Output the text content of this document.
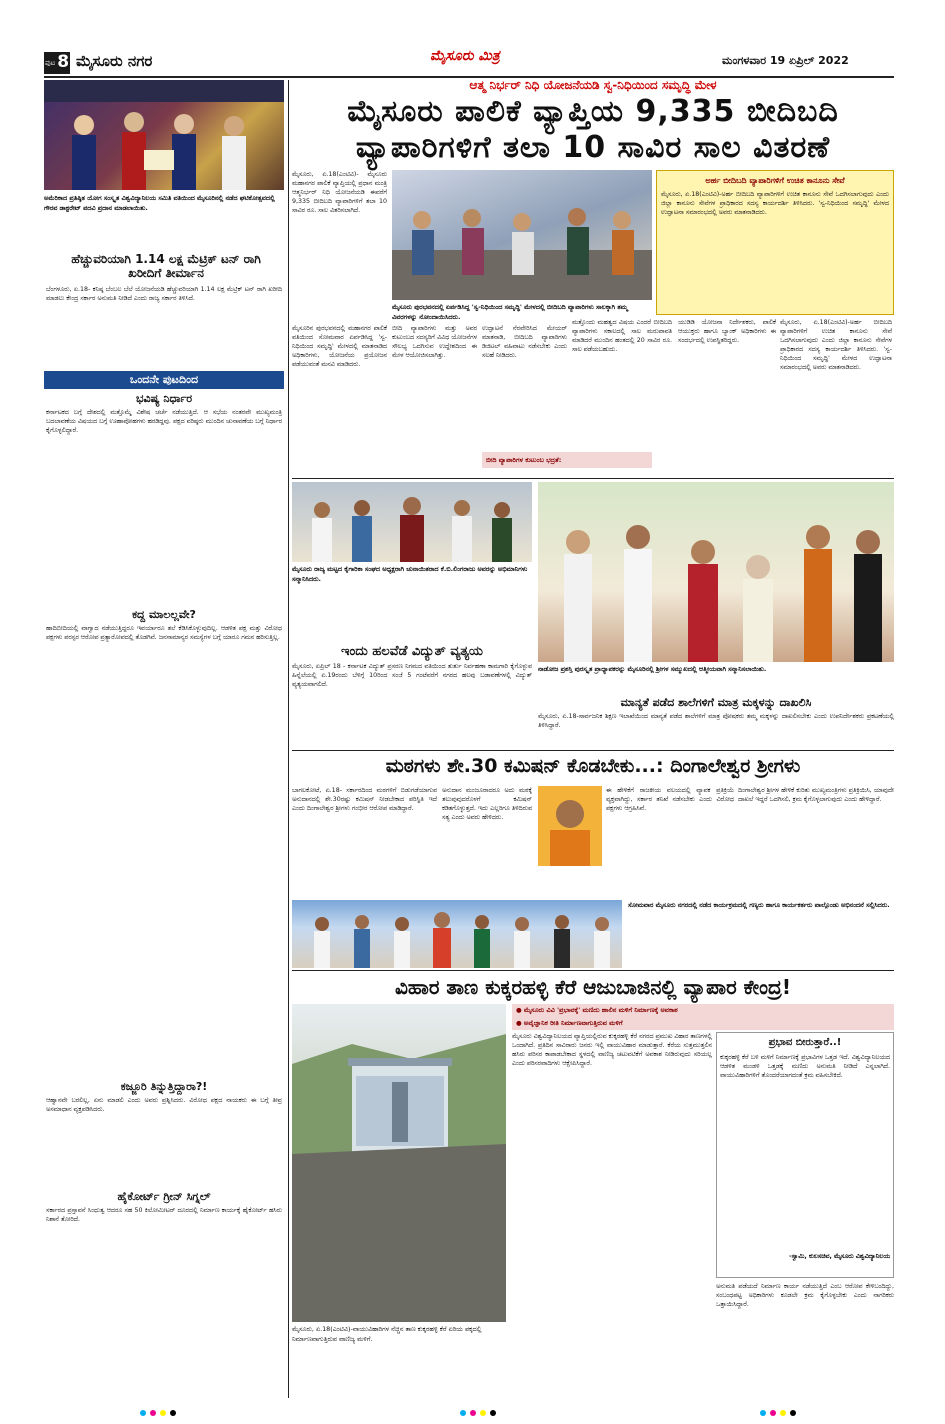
ಪುಟ 8 ಮೈಸೂರು ನಗರ	ಮೈಸೂರು ಮಿತ್ರ	ಮಂಗಳವಾರ 19 ಏಪ್ರಿಲ್ 2022
ಅಮೆರಿಕಾದ ಪ್ರತಿಷ್ಠಿತ ಯೋಗ ಸಂಸ್ಕೃತ ವಿಶ್ವವಿದ್ಯಾನಿಲಯ ಸಮಿತಿ ವತಿಯಿಂದ ಮೈಸೂರಿನಲ್ಲಿ ನಡೆದ ಘಟಿಕೋತ್ಸವದಲ್ಲಿ ಗೌರವ ಡಾಕ್ಟರೇಟ್ ಪದವಿ ಪ್ರದಾನ ಮಾಡಲಾಯಿತು.
ಹೆಚ್ಚುವರಿಯಾಗಿ 1.14 ಲಕ್ಷ ಮೆಟ್ರಿಕ್ ಟನ್ ರಾಗಿ ಖರೀದಿಗೆ ತೀರ್ಮಾನ
ಬೆಂಗಳೂರು, ಏ.18- ಕನಿಷ್ಠ ಬೆಂಬಲ ಬೆಲೆ ಯೋಜನೆಯಡಿ ಹೆಚ್ಚುವರಿಯಾಗಿ 1.14 ಲಕ್ಷ ಮೆಟ್ರಿಕ್ ಟನ್ ರಾಗಿ ಖರೀದಿ ಮಾಡಲು ಕೇಂದ್ರ ಸರ್ಕಾರ ಅನುಮತಿ ನೀಡಿದೆ ಎಂದು ರಾಜ್ಯ ಸರ್ಕಾರ ತಿಳಿಸಿದೆ.
ಒಂದನೇ ಪುಟದಿಂದ
ಭವಿಷ್ಯ ನಿರ್ಧಾರ
ಕರ್ನಾಟಕದ ಬಗ್ಗೆ ದೇಶದಲ್ಲಿ ಮತ್ತೊಮ್ಮೆ ವಿಶೇಷ ಚರ್ಚೆ ನಡೆಯುತ್ತಿದೆ. ಆ ಸಭೆಯ ನಂತರವೇ ಮುಖ್ಯಮಂತ್ರಿ ಬದಲಾವಣೆಯ ವಿಷಯದ ಬಗ್ಗೆ ಊಹಾಪೋಹಗಳು ಹರಡಿದ್ದವು. ಪಕ್ಷದ ವರಿಷ್ಠರು ಮುಂದಿನ ಚುನಾವಣೆಯ ಬಗ್ಗೆ ನಿರ್ಧಾರ ಕೈಗೊಳ್ಳಲಿದ್ದಾರೆ.
ಕದ್ದ ಮಾಲಲ್ಲವೇ?
ಹಾದಿಬೀದಿಯಲ್ಲಿ ವಾಗ್ವಾದ ನಡೆಯುತ್ತಿದ್ದರೂ ಇವರ್ಯಾರೂ ತಲೆ ಕೆಡಿಸಿಕೊಳ್ಳುವುದಿಲ್ಲ. ಆಡಳಿತ ಪಕ್ಷ ಮತ್ತು ವಿರೋಧ ಪಕ್ಷಗಳು ಪರಸ್ಪರ ಆರೋಪ ಪ್ರತ್ಯಾರೋಪದಲ್ಲಿ ತೊಡಗಿವೆ. ಜನಸಾಮಾನ್ಯರ ಸಮಸ್ಯೆಗಳ ಬಗ್ಗೆ ಯಾರೂ ಗಮನ ಹರಿಸುತ್ತಿಲ್ಲ.
ಕಜ್ಜೂರಿ ತಿನ್ನುತ್ತಿದ್ದಾರಾ?!
ಆಹ್ವಾನವೇ ಬರಲಿಲ್ಲ, ಏನು ಮಾಡಲಿ ಎಂದು ಅವರು ಪ್ರಶ್ನಿಸಿದರು. ವಿರೋಧ ಪಕ್ಷದ ನಾಯಕರು ಈ ಬಗ್ಗೆ ತೀವ್ರ ಅಸಮಾಧಾನ ವ್ಯಕ್ತಪಡಿಸಿದರು.
ಹೈಕೋರ್ಟ್ ಗ್ರೀನ್ ಸಿಗ್ನಲ್
ಸರ್ಕಾರದ ಪ್ರಸ್ತಾವನೆ ಸಿಂಧುತ್ವ ಆದರೂ ಸಹ 50 ಕಿಲೋಮೀಟರ್ ದೂರದಲ್ಲಿ ನಿರ್ಮಾಣ ಕಾರ್ಯಕ್ಕೆ ಹೈಕೋರ್ಟ್ ಹಸಿರು ನಿಶಾನೆ ತೋರಿದೆ.
ಆತ್ಮ ನಿರ್ಭರ್ ನಿಧಿ ಯೋಜನೆಯಡಿ ಸ್ವ-ನಿಧಿಯಿಂದ ಸಮೃದ್ಧಿ ಮೇಳ
ಮೈಸೂರು ಪಾಲಿಕೆ ವ್ಯಾಪ್ತಿಯ 9,335 ಬೀದಿಬದಿ
ವ್ಯಾಪಾರಿಗಳಿಗೆ ತಲಾ 10 ಸಾವಿರ ಸಾಲ ವಿತರಣೆ
ಮೈಸೂರು, ಏ.18(ಎಂಟಿವಿ)- ಮೈಸೂರು ಮಹಾನಗರ ಪಾಲಿಕೆ ವ್ಯಾಪ್ತಿಯಲ್ಲಿ ಪ್ರಧಾನ ಮಂತ್ರಿ ಆತ್ಮನಿರ್ಭರ್ ನಿಧಿ ಯೋಜನೆಯಡಿ ಈವರೆಗೆ 9,335 ಬೀದಿಬದಿ ವ್ಯಾಪಾರಿಗಳಿಗೆ ತಲಾ 10 ಸಾವಿರ ರೂ. ಸಾಲ ವಿತರಿಸಲಾಗಿದೆ.
ಮೈಸೂರು ಪುರಭವನದಲ್ಲಿ ಏರ್ಪಡಿಸಿದ್ದ 'ಸ್ವ-ನಿಧಿಯಿಂದ ಸಮೃದ್ಧಿ' ಮೇಳದಲ್ಲಿ ಬೀದಿಬದಿ ವ್ಯಾಪಾರಿಗಳು ಸಾಲಕ್ಕಾಗಿ ತಮ್ಮ ವಿವರಗಳನ್ನು ನೋಂದಾಯಿಸಿದರು.
ಅರ್ಹ ಬೀದಿಬದಿ ವ್ಯಾಪಾರಿಗಳಿಗೆ ಉಚಿತ ಕಾನೂನು ಸೇವೆ
ಮೈಸೂರು, ಏ.18(ಎಂಟಿವಿ)-ಅರ್ಹ ಬೀದಿಬದಿ ವ್ಯಾಪಾರಿಗಳಿಗೆ ಉಚಿತ ಕಾನೂನು ಸೇವೆ ಒದಗಿಸಲಾಗುವುದು ಎಂದು ಜಿಲ್ಲಾ ಕಾನೂನು ಸೇವೆಗಳ ಪ್ರಾಧಿಕಾರದ ಸದಸ್ಯ ಕಾರ್ಯದರ್ಶಿ ತಿಳಿಸಿದರು. 'ಸ್ವ-ನಿಧಿಯಿಂದ ಸಮೃದ್ಧಿ' ಮೇಳದ ಉದ್ಘಾಟನಾ ಸಮಾರಂಭದಲ್ಲಿ ಅವರು ಮಾತನಾಡಿದರು.
ಮೈಸೂರಿನ ಪುರಭವನದಲ್ಲಿ ಮಹಾನಗರ ಪಾಲಿಕೆ ವತಿಯಿಂದ ಸೋಮವಾರ ಏರ್ಪಡಿಸಿದ್ದ 'ಸ್ವ-ನಿಧಿಯಿಂದ ಸಮೃದ್ಧಿ' ಮೇಳದಲ್ಲಿ ಮಾತನಾಡಿದ ಅಧಿಕಾರಿಗಳು, ಯೋಜನೆಯ ಪ್ರಯೋಜನ ಪಡೆಯುವಂತೆ ಮನವಿ ಮಾಡಿದರು.
ಬೀದಿ ವ್ಯಾಪಾರಿಗಳು ಮತ್ತು ಅವರ ಕುಟುಂಬದ ಸದಸ್ಯರಿಗೆ ವಿವಿಧ ಯೋಜನೆಗಳ ಸೌಲಭ್ಯ ಒದಗಿಸುವ ಉದ್ದೇಶದಿಂದ ಈ ಮೇಳ ಆಯೋಜಿಸಲಾಗಿತ್ತು.
ಉದ್ಘಾಟನೆ ನೆರವೇರಿಸಿದ ಮೇಯರ್ ಮಾತನಾಡಿ, ಬೀದಿಬದಿ ವ್ಯಾಪಾರಿಗಳು ಡಿಜಿಟಲ್ ವಹಿವಾಟು ನಡೆಸಬೇಕು ಎಂದು ಸಲಹೆ ನೀಡಿದರು.
ಬೀದಿ ವ್ಯಾಪಾರಿಗಳ ಕುಟುಂಬ ಭದ್ರತೆ:
ಮತ್ತೊಂದು ಮಹತ್ವದ ವಿಷಯ ಎಂದರೆ ಬೀದಿಬದಿ ವ್ಯಾಪಾರಿಗಳು ಸಕಾಲದಲ್ಲಿ ಸಾಲ ಮರುಪಾವತಿ ಮಾಡಿದರೆ ಮುಂದಿನ ಹಂತದಲ್ಲಿ 20 ಸಾವಿರ ರೂ. ಸಾಲ ಪಡೆಯಬಹುದು.
ಯುಡಿಡಿ ಯೋಜನಾ ನಿರ್ದೇಶಕರು, ಪಾಲಿಕೆ ಆಯುಕ್ತರು ಹಾಗೂ ಬ್ಯಾಂಕ್ ಅಧಿಕಾರಿಗಳು ಈ ಸಂದರ್ಭದಲ್ಲಿ ಉಪಸ್ಥಿತರಿದ್ದರು.
ಮೈಸೂರು, ಏ.18(ಎಂಟಿವಿ)-ಅರ್ಹ ಬೀದಿಬದಿ ವ್ಯಾಪಾರಿಗಳಿಗೆ ಉಚಿತ ಕಾನೂನು ಸೇವೆ ಒದಗಿಸಲಾಗುವುದು ಎಂದು ಜಿಲ್ಲಾ ಕಾನೂನು ಸೇವೆಗಳ ಪ್ರಾಧಿಕಾರದ ಸದಸ್ಯ ಕಾರ್ಯದರ್ಶಿ ತಿಳಿಸಿದರು. 'ಸ್ವ-ನಿಧಿಯಿಂದ ಸಮೃದ್ಧಿ' ಮೇಳದ ಉದ್ಘಾಟನಾ ಸಮಾರಂಭದಲ್ಲಿ ಅವರು ಮಾತನಾಡಿದರು.
ಮೈಸೂರು ರಾಜ್ಯ ಮಟ್ಟದ ಕೈಗಾರಿಕಾ ಸಂಘದ ಅಧ್ಯಕ್ಷರಾಗಿ ಚುನಾಯಿತರಾದ ಕೆ.ಬಿ.ಲಿಂಗರಾಜು ಅವರನ್ನು ಅಭಿಮಾನಿಗಳು ಸನ್ಮಾನಿಸಿದರು.
ನಾಡೋಜ ಪ್ರಶಸ್ತಿ ಪುರಸ್ಕೃತ ಪ್ರಾಧ್ಯಾಪಕರನ್ನು ಮೈಸೂರಿನಲ್ಲಿ ಶ್ರೀಗಳ ಸಮ್ಮುಖದಲ್ಲಿ ಆತ್ಮೀಯವಾಗಿ ಸನ್ಮಾನಿಸಲಾಯಿತು.
ಇಂದು ಹಲವೆಡೆ ವಿದ್ಯುತ್ ವ್ಯತ್ಯಯ
ಮೈಸೂರು, ಏಪ್ರಿಲ್ 18 - ಕರ್ನಾಟಕ ವಿದ್ಯುತ್ ಪ್ರಸರಣ ನಿಗಮದ ವತಿಯಿಂದ ತುರ್ತು ನಿರ್ವಹಣಾ ಕಾಮಗಾರಿ ಕೈಗೊಳ್ಳುವ ಹಿನ್ನೆಲೆಯಲ್ಲಿ ಏ.19ರಂದು ಬೆಳಿಗ್ಗೆ 10ರಿಂದ ಸಂಜೆ 5 ಗಂಟೆವರೆಗೆ ನಗರದ ಹಲವು ಬಡಾವಣೆಗಳಲ್ಲಿ ವಿದ್ಯುತ್ ವ್ಯತ್ಯಯವಾಗಲಿದೆ.
ಮಾನ್ಯತೆ ಪಡೆದ ಶಾಲೆಗಳಿಗೆ ಮಾತ್ರ ಮಕ್ಕಳನ್ನು ದಾಖಲಿಸಿ
ಮೈಸೂರು, ಏ.18-ಸಾರ್ವಜನಿಕ ಶಿಕ್ಷಣ ಇಲಾಖೆಯಿಂದ ಮಾನ್ಯತೆ ಪಡೆದ ಶಾಲೆಗಳಿಗೆ ಮಾತ್ರ ಪೋಷಕರು ತಮ್ಮ ಮಕ್ಕಳನ್ನು ದಾಖಲಿಸಬೇಕು ಎಂದು ಉಪನಿರ್ದೇಶಕರು ಪ್ರಕಟಣೆಯಲ್ಲಿ ತಿಳಿಸಿದ್ದಾರೆ.
ಮಠಗಳು ಶೇ.30 ಕಮಿಷನ್ ಕೊಡಬೇಕು...: ದಿಂಗಾಲೇಶ್ವರ ಶ್ರೀಗಳು
ಬಾಗಲಕೋಟೆ, ಏ.18- ಸರ್ಕಾರದಿಂದ ಮಠಗಳಿಗೆ ಬಿಡುಗಡೆಯಾಗುವ ಅನುದಾನದಲ್ಲಿ ಶೇ.30ರಷ್ಟು ಕಮಿಷನ್ ನೀಡಬೇಕಾದ ಪರಿಸ್ಥಿತಿ ಇದೆ ಎಂದು ದಿಂಗಾಲೇಶ್ವರ ಶ್ರೀಗಳು ಗಂಭೀರ ಆರೋಪ ಮಾಡಿದ್ದಾರೆ.
ಅನುದಾನ ಮಂಜೂರಾದರೂ ಅದು ಮಠಕ್ಕೆ ತಲುಪುವುದರೊಳಗೆ ಕಮಿಷನ್ ಕಡಿತಗೊಳ್ಳುತ್ತದೆ. ಇದು ಎಲ್ಲರಿಗೂ ತಿಳಿದಿರುವ ಸತ್ಯ ಎಂದು ಅವರು ಹೇಳಿದರು.
ಈ ಹೇಳಿಕೆಗೆ ರಾಜಕೀಯ ವಲಯದಲ್ಲಿ ವ್ಯಾಪಕ ಪ್ರತಿಕ್ರಿಯೆ ವ್ಯಕ್ತವಾಗಿದ್ದು, ಸರ್ಕಾರ ತನಿಖೆ ನಡೆಸಬೇಕು ಎಂದು ವಿರೋಧ ಪಕ್ಷಗಳು ಆಗ್ರಹಿಸಿವೆ.
ದಿಂಗಾಲೇಶ್ವರ ಶ್ರೀಗಳ ಹೇಳಿಕೆ ಕುರಿತು ಮುಖ್ಯಮಂತ್ರಿಗಳು ಪ್ರತಿಕ್ರಿಯಿಸಿ, ಯಾವುದೇ ದಾಖಲೆ ಇದ್ದರೆ ಒದಗಿಸಲಿ, ಕ್ರಮ ಕೈಗೊಳ್ಳಲಾಗುವುದು ಎಂದು ಹೇಳಿದ್ದಾರೆ.
ಸೋಮವಾರ ಮೈಸೂರು ನಗರದಲ್ಲಿ ನಡೆದ ಕಾರ್ಯಕ್ರಮದಲ್ಲಿ ಗಣ್ಯರು ಹಾಗೂ ಕಾರ್ಯಕರ್ತರು ಪಾಲ್ಗೊಂಡು ಅಭಿನಂದನೆ ಸಲ್ಲಿಸಿದರು.
ವಿಹಾರ ತಾಣ ಕುಕ್ಕರಹಳ್ಳಿ ಕೆರೆ ಆಜುಬಾಜಿನಲ್ಲಿ ವ್ಯಾಪಾರ ಕೇಂದ್ರ!
● ಮೈಸೂರು ವಿವಿ 'ಪ್ರಭಾವಕ್ಕೆ' ಮಣಿದು ಹಾಲಿನ ಮಳಿಗೆ ನಿರ್ಮಾಣಕ್ಕೆ ಅವಕಾಶ
● ಅವೈಜ್ಞಾನಿಕ ರೀತಿ ನಿರ್ಮಾಣವಾಗುತ್ತಿರುವ ಮಳಿಗೆ
ಮೈಸೂರು, ಏ.18(ಎಂಟಿವಿ)-ವಾಯುವಿಹಾರಿಗಳ ನೆಚ್ಚಿನ ತಾಣ ಕುಕ್ಕರಹಳ್ಳಿ ಕೆರೆ ಏರಿಯ ಪಕ್ಕದಲ್ಲಿ ನಿರ್ಮಾಣವಾಗುತ್ತಿರುವ ವಾಣಿಜ್ಯ ಮಳಿಗೆ.
ಮೈಸೂರು ವಿಶ್ವವಿದ್ಯಾನಿಲಯದ ವ್ಯಾಪ್ತಿಯಲ್ಲಿರುವ ಕುಕ್ಕರಹಳ್ಳಿ ಕೆರೆ ನಗರದ ಪ್ರಮುಖ ವಿಹಾರ ತಾಣಗಳಲ್ಲಿ ಒಂದಾಗಿದೆ. ಪ್ರತಿದಿನ ಸಾವಿರಾರು ಜನರು ಇಲ್ಲಿ ವಾಯುವಿಹಾರ ಮಾಡುತ್ತಾರೆ. ಕೆರೆಯ ಸುತ್ತಮುತ್ತಲಿನ ಹಸಿರು ಪರಿಸರ ಕಾಪಾಡಬೇಕಾದ ಸ್ಥಳದಲ್ಲಿ ವಾಣಿಜ್ಯ ಚಟುವಟಿಕೆಗೆ ಅವಕಾಶ ನೀಡಿರುವುದು ಸರಿಯಲ್ಲ ಎಂದು ಪರಿಸರವಾದಿಗಳು ಆಕ್ಷೇಪಿಸಿದ್ದಾರೆ.
ಪ್ರಭಾವ ಬೀರುತ್ತಾರೆ..!
ಕುಕ್ಕರಹಳ್ಳಿ ಕೆರೆ ಬಳಿ ಮಳಿಗೆ ನಿರ್ಮಾಣಕ್ಕೆ ಪ್ರಭಾವಿಗಳ ಒತ್ತಡ ಇದೆ. ವಿಶ್ವವಿದ್ಯಾನಿಲಯದ ಆಡಳಿತ ಮಂಡಳಿ ಒತ್ತಡಕ್ಕೆ ಮಣಿದು ಅನುಮತಿ ನೀಡಿದೆ ಎನ್ನಲಾಗಿದೆ. ವಾಯುವಿಹಾರಿಗಳಿಗೆ ತೊಂದರೆಯಾಗದಂತೆ ಕ್ರಮ ವಹಿಸಬೇಕಿದೆ.
-ಸ್ವಾಮಿ, ಕುಲಸಚಿವ, ಮೈಸೂರು ವಿಶ್ವವಿದ್ಯಾನಿಲಯ
ಅನುಮತಿ ಪಡೆಯದೆ ನಿರ್ಮಾಣ ಕಾರ್ಯ ನಡೆಯುತ್ತಿದೆ ಎಂಬ ಆರೋಪ ಕೇಳಿಬಂದಿದ್ದು, ಸಂಬಂಧಪಟ್ಟ ಅಧಿಕಾರಿಗಳು ಕೂಡಲೇ ಕ್ರಮ ಕೈಗೊಳ್ಳಬೇಕು ಎಂದು ನಾಗರಿಕರು ಒತ್ತಾಯಿಸಿದ್ದಾರೆ.
